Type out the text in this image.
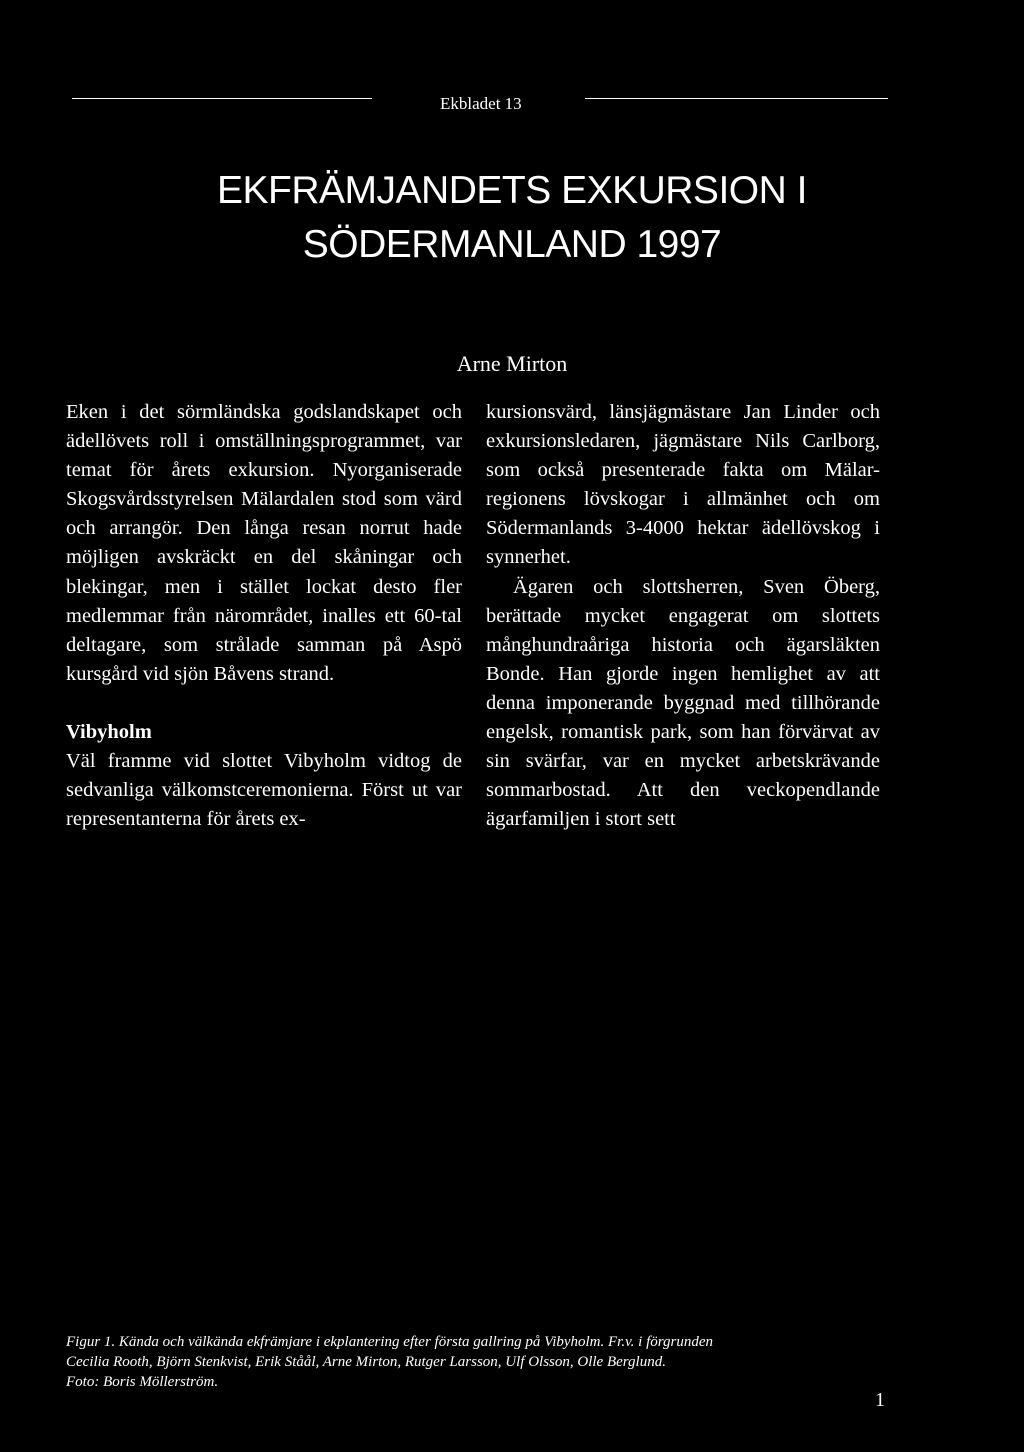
Ekbladet 13
EKFRÄMJANDETS EXKURSION I
SÖDERMANLAND 1997
Arne Mirton

Eken i det sörmländska godslandskapet och ädellövets roll i omställningsprogrammet, var temat för årets exkursion. Nyorganiserade Skogsvårdsstyrelsen Mälardalen stod som värd och arrangör. Den långa resan norrut hade möjligen avskräckt en del skåningar och blekingar, men i stället lockat desto fler medlemmar från närområdet, inalles ett 60-tal deltagare, som strålade samman på Aspö kursgård vid sjön Båvens strand.

Vibyholm

Väl framme vid slottet Vibyholm vidtog de sedvanliga välkomstceremonierna. Först ut var representanterna för årets ex-

kursionsvärd, länsjägmästare Jan Linder och exkursionsledaren, jägmästare Nils Carlborg, som också presenterade fakta om Mälar-regionens lövskogar i allmänhet och om Södermanlands 3-4000 hektar ädellövskog i synnerhet.

Ägaren och slottsherren, Sven Öberg, berättade mycket engagerat om slottets månghundraåriga historia och ägarsläkten Bonde. Han gjorde ingen hemlighet av att denna imponerande byggnad med tillhörande engelsk, romantisk park, som han förvärvat av sin svärfar, var en mycket arbetskrävande sommarbostad. Att den veckopendlande ägarfamiljen i stort sett

Figur 1. Kända och välkända ekfrämjare i ekplantering efter första gallring på Vibyholm. Fr.v. i förgrunden
Cecilia Rooth, Björn Stenkvist, Erik Ståål, Arne Mirton, Rutger Larsson, Ulf Olsson, Olle Berglund.
Foto: Boris Möllerström.
1
